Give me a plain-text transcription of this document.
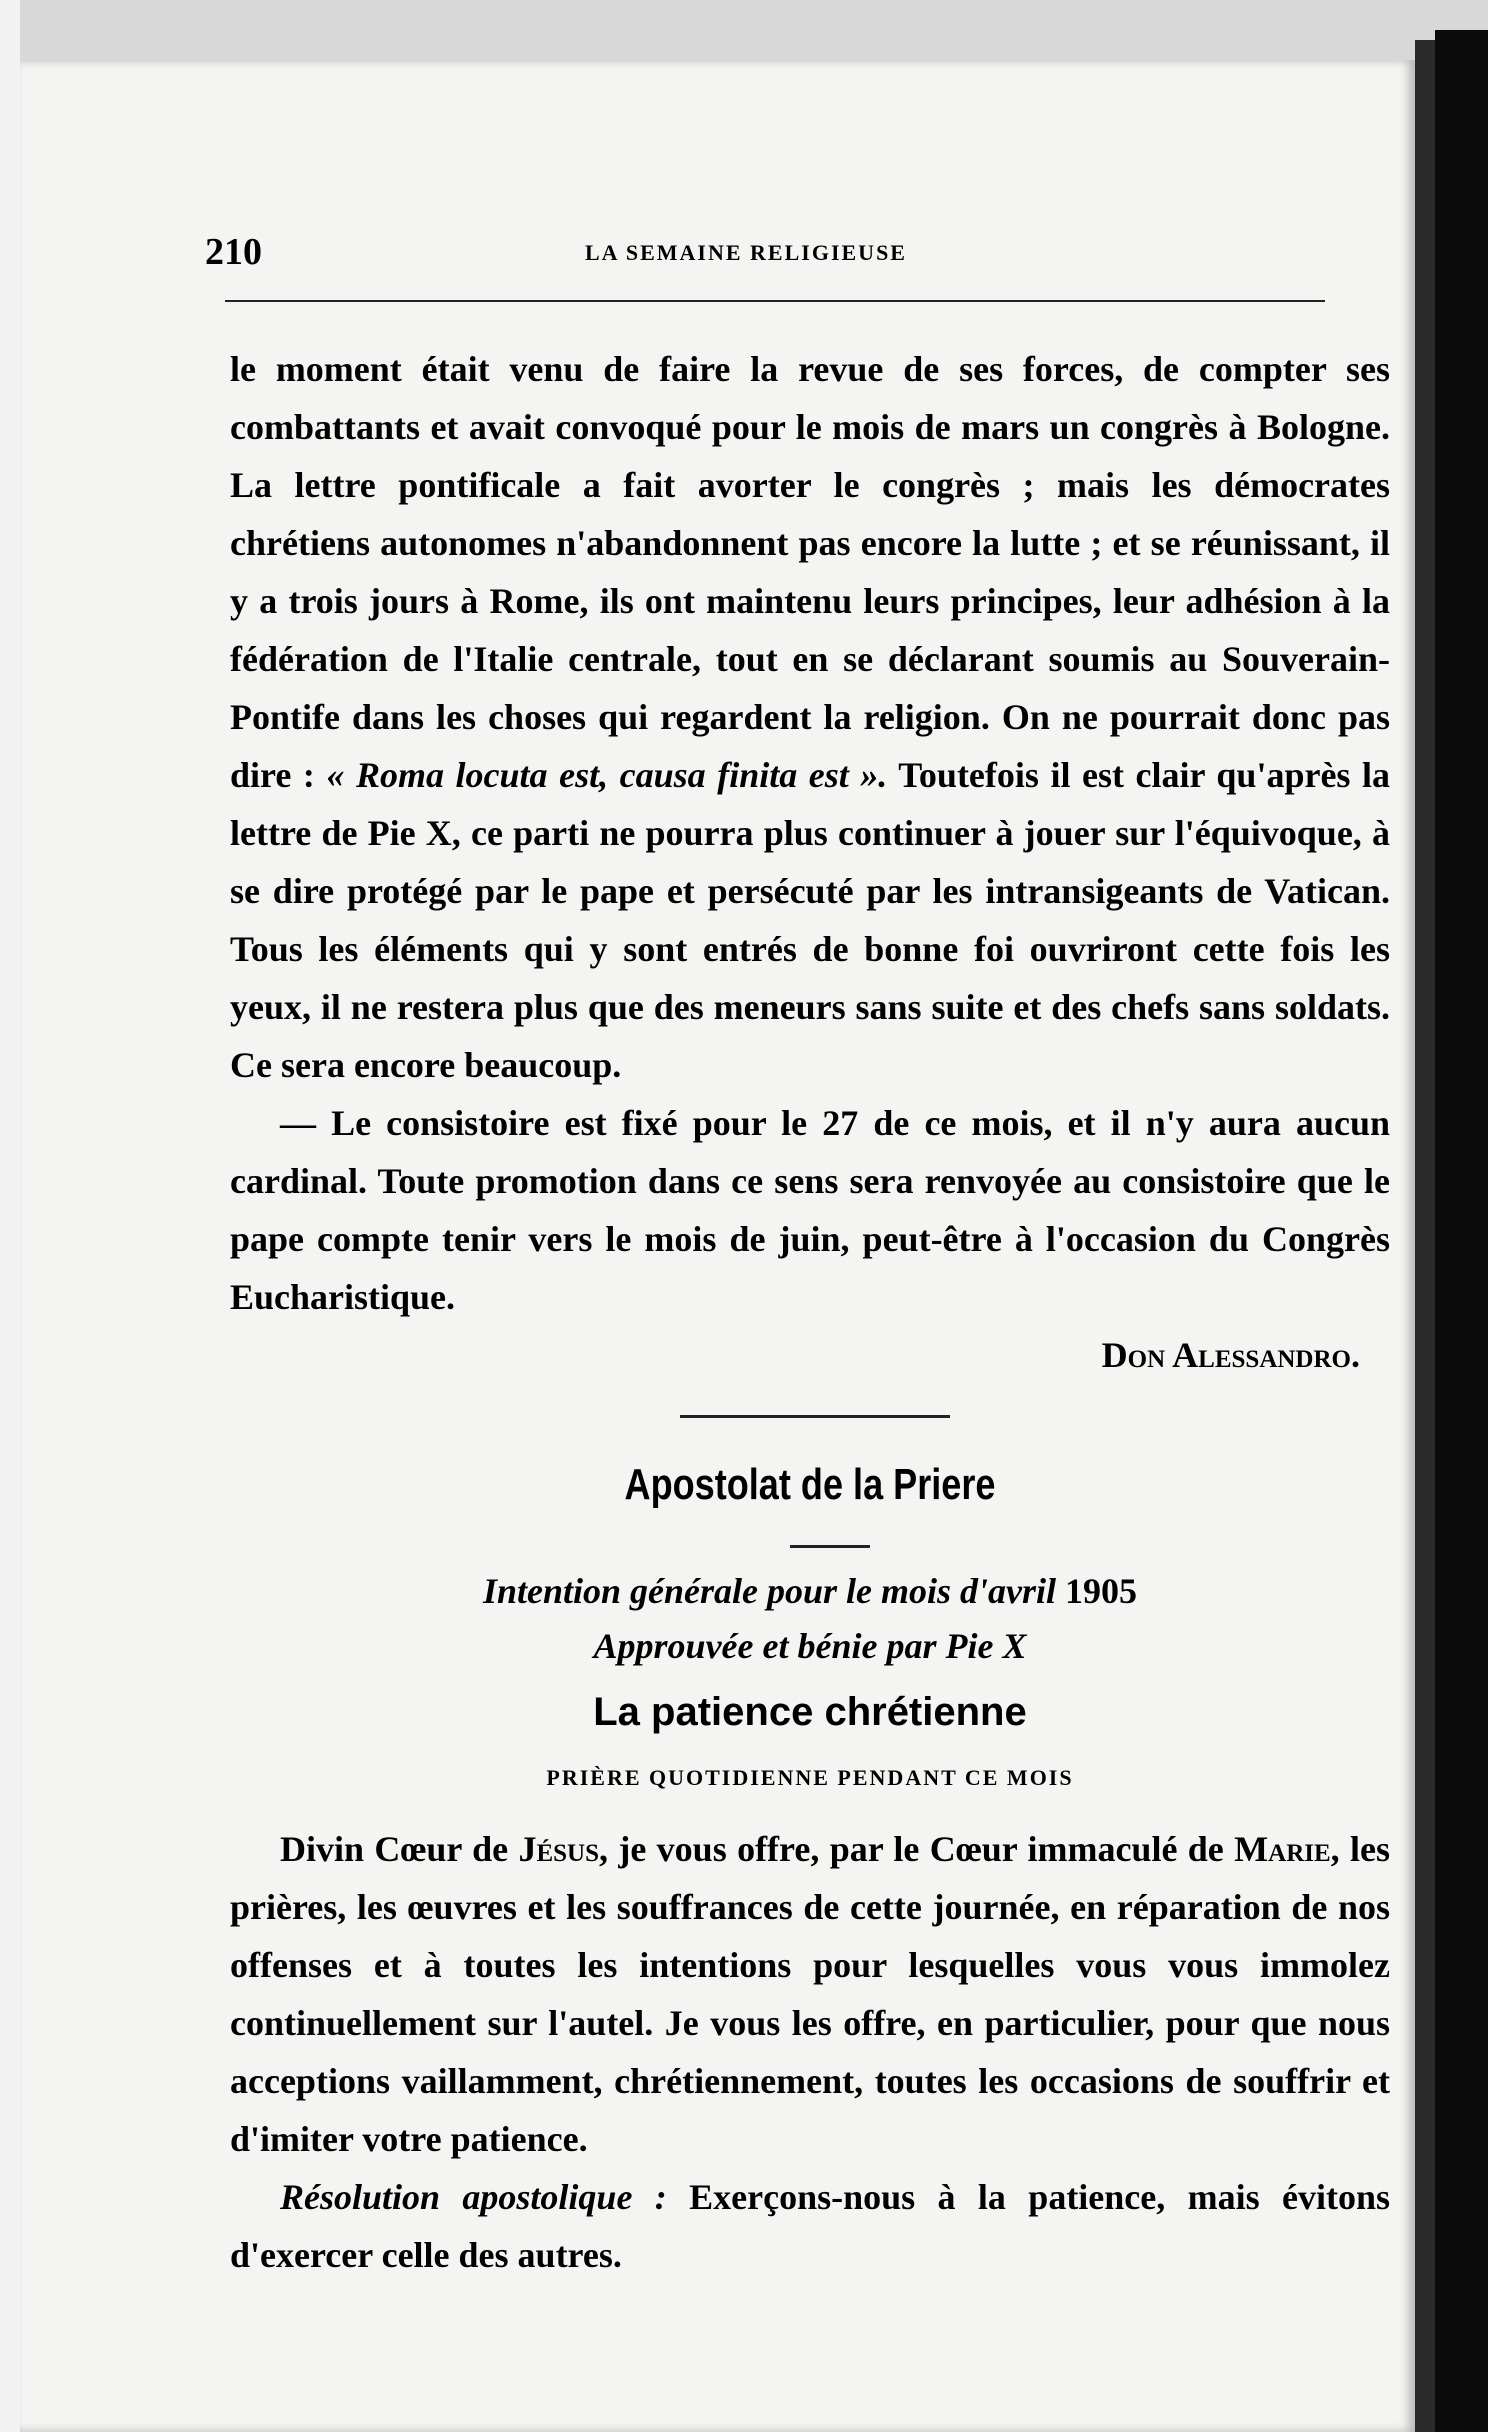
210	LA SEMAINE RELIGIEUSE

le moment était venu de faire la revue de ses forces, de compter ses combattants et avait convoqué pour le mois de mars un congrès à Bologne. La lettre pontificale a fait avorter le congrès ; mais les démocrates chrétiens autonomes n'abandonnent pas encore la lutte ; et se réunissant, il y a trois jours à Rome, ils ont maintenu leurs principes, leur adhésion à la fédération de l'Italie centrale, tout en se déclarant soumis au Souverain-Pontife dans les choses qui regardent la religion. On ne pourrait donc pas dire : « Roma locuta est, causa finita est ». Toutefois il est clair qu'après la lettre de Pie X, ce parti ne pourra plus continuer à jouer sur l'équivoque, à se dire protégé par le pape et persécuté par les intransigeants de Vatican. Tous les éléments qui y sont entrés de bonne foi ouvriront cette fois les yeux, il ne restera plus que des meneurs sans suite et des chefs sans soldats. Ce sera encore beaucoup.

— Le consistoire est fixé pour le 27 de ce mois, et il n'y aura aucun cardinal. Toute promotion dans ce sens sera renvoyée au consistoire que le pape compte tenir vers le mois de juin, peut-être à l'occasion du Congrès Eucharistique.

Don Alessandro.

Apostolat de la Priere
Intention générale pour le mois d'avril 1905
Approuvée et bénie par Pie X
La patience chrétienne
PRIÈRE QUOTIDIENNE PENDANT CE MOIS

Divin Cœur de Jésus, je vous offre, par le Cœur immaculé de Marie, les prières, les œuvres et les souffrances de cette journée, en réparation de nos offenses et à toutes les intentions pour lesquelles vous vous immolez continuellement sur l'autel. Je vous les offre, en particulier, pour que nous acceptions vaillamment, chrétiennement, toutes les occasions de souffrir et d'imiter votre patience.

Résolution apostolique : Exerçons-nous à la patience, mais évitons d'exercer celle des autres.
